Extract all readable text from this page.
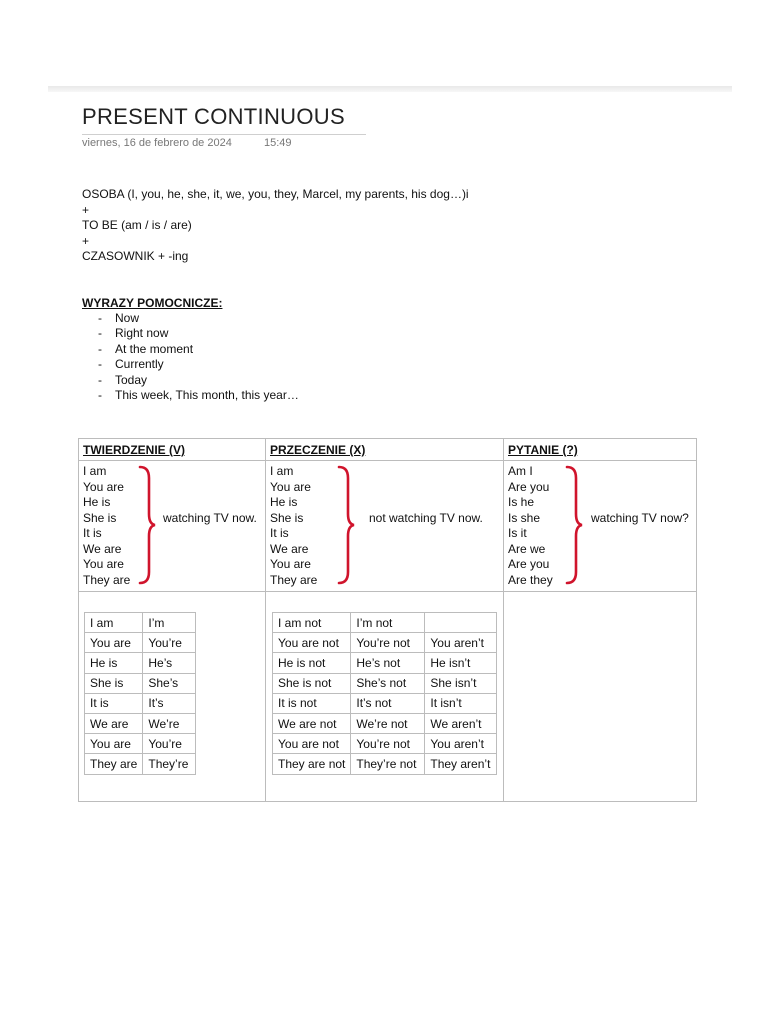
PRESENT CONTINUOUS
viernes, 16 de febrero de 2024	15:49
OSOBA (I, you, he, she, it, we, you, they, Marcel, my parents, his dog…)i
+
TO BE (am / is / are)
+
CZASOWNIK + -ing
WYRAZY POMOCNICZE:
- Now
- Right now
- At the moment
- Currently
- Today
- This week, This month, this year…
TWIERDZENIE (V)	PRZECZENIE (X)	PYTANIE (?)
I am
You are
He is
She is
It is
We are
You are
They are
watching TV now.
I am
You are
He is
She is
It is
We are
You are
They are
not watching TV now.
Am I
Are you
Is he
Is she
Is it
Are we
Are you
Are they
watching TV now?
I am	I’m
You are	You’re
He is	He’s
She is	She’s
It is	It’s
We are	We’re
You are	You’re
They are	They’re
I am not	I’m not	
You are not	You’re not	You aren’t
He is not	He’s not	He isn’t
She is not	She’s not	She isn’t
It is not	It’s not	It isn’t
We are not	We’re not	We aren’t
You are not	You’re not	You aren’t
They are not	They’re not	They aren’t
